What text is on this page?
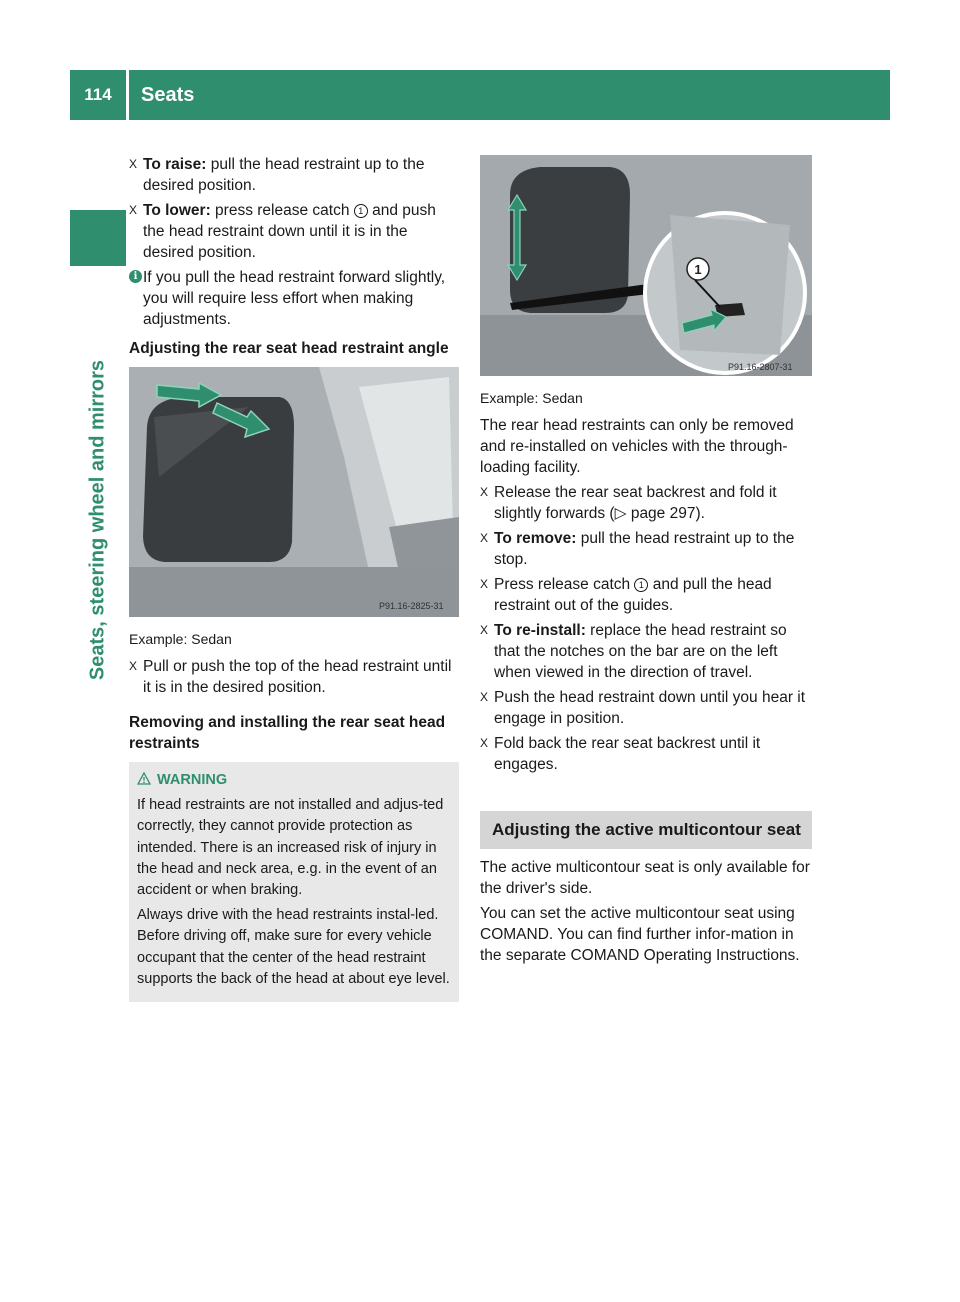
114	Seats
Seats, steering wheel and mirrors
X To raise: pull the head restraint up to the desired position.
X To lower: press release catch 1 and push the head restraint down until it is in the desired position.
i If you pull the head restraint forward slightly, you will require less effort when making adjustments.
Adjusting the rear seat head restraint angle
P91.16-2825-31
Example: Sedan
X Pull or push the top of the head restraint until it is in the desired position.
Removing and installing the rear seat head restraints
WARNING

If head restraints are not installed and adjus-ted correctly, they cannot provide protection as intended. There is an increased risk of injury in the head and neck area, e.g. in the event of an accident or when braking.

Always drive with the head restraints instal-led. Before driving off, make sure for every vehicle occupant that the center of the head restraint supports the back of the head at about eye level.

1
P91.16-2807-31
Example: Sedan

The rear head restraints can only be removed and re-installed on vehicles with the through-loading facility.

X Release the rear seat backrest and fold it slightly forwards (▷ page 297).
X To remove: pull the head restraint up to the stop.
X Press release catch 1 and pull the head restraint out of the guides.
X To re-install: replace the head restraint so that the notches on the bar are on the left when viewed in the direction of travel.
X Push the head restraint down until you hear it engage in position.
X Fold back the rear seat backrest until it engages.
Adjusting the active multicontour seat

The active multicontour seat is only available for the driver's side.

You can set the active multicontour seat using COMAND. You can find further infor-mation in the separate COMAND Operating Instructions.
